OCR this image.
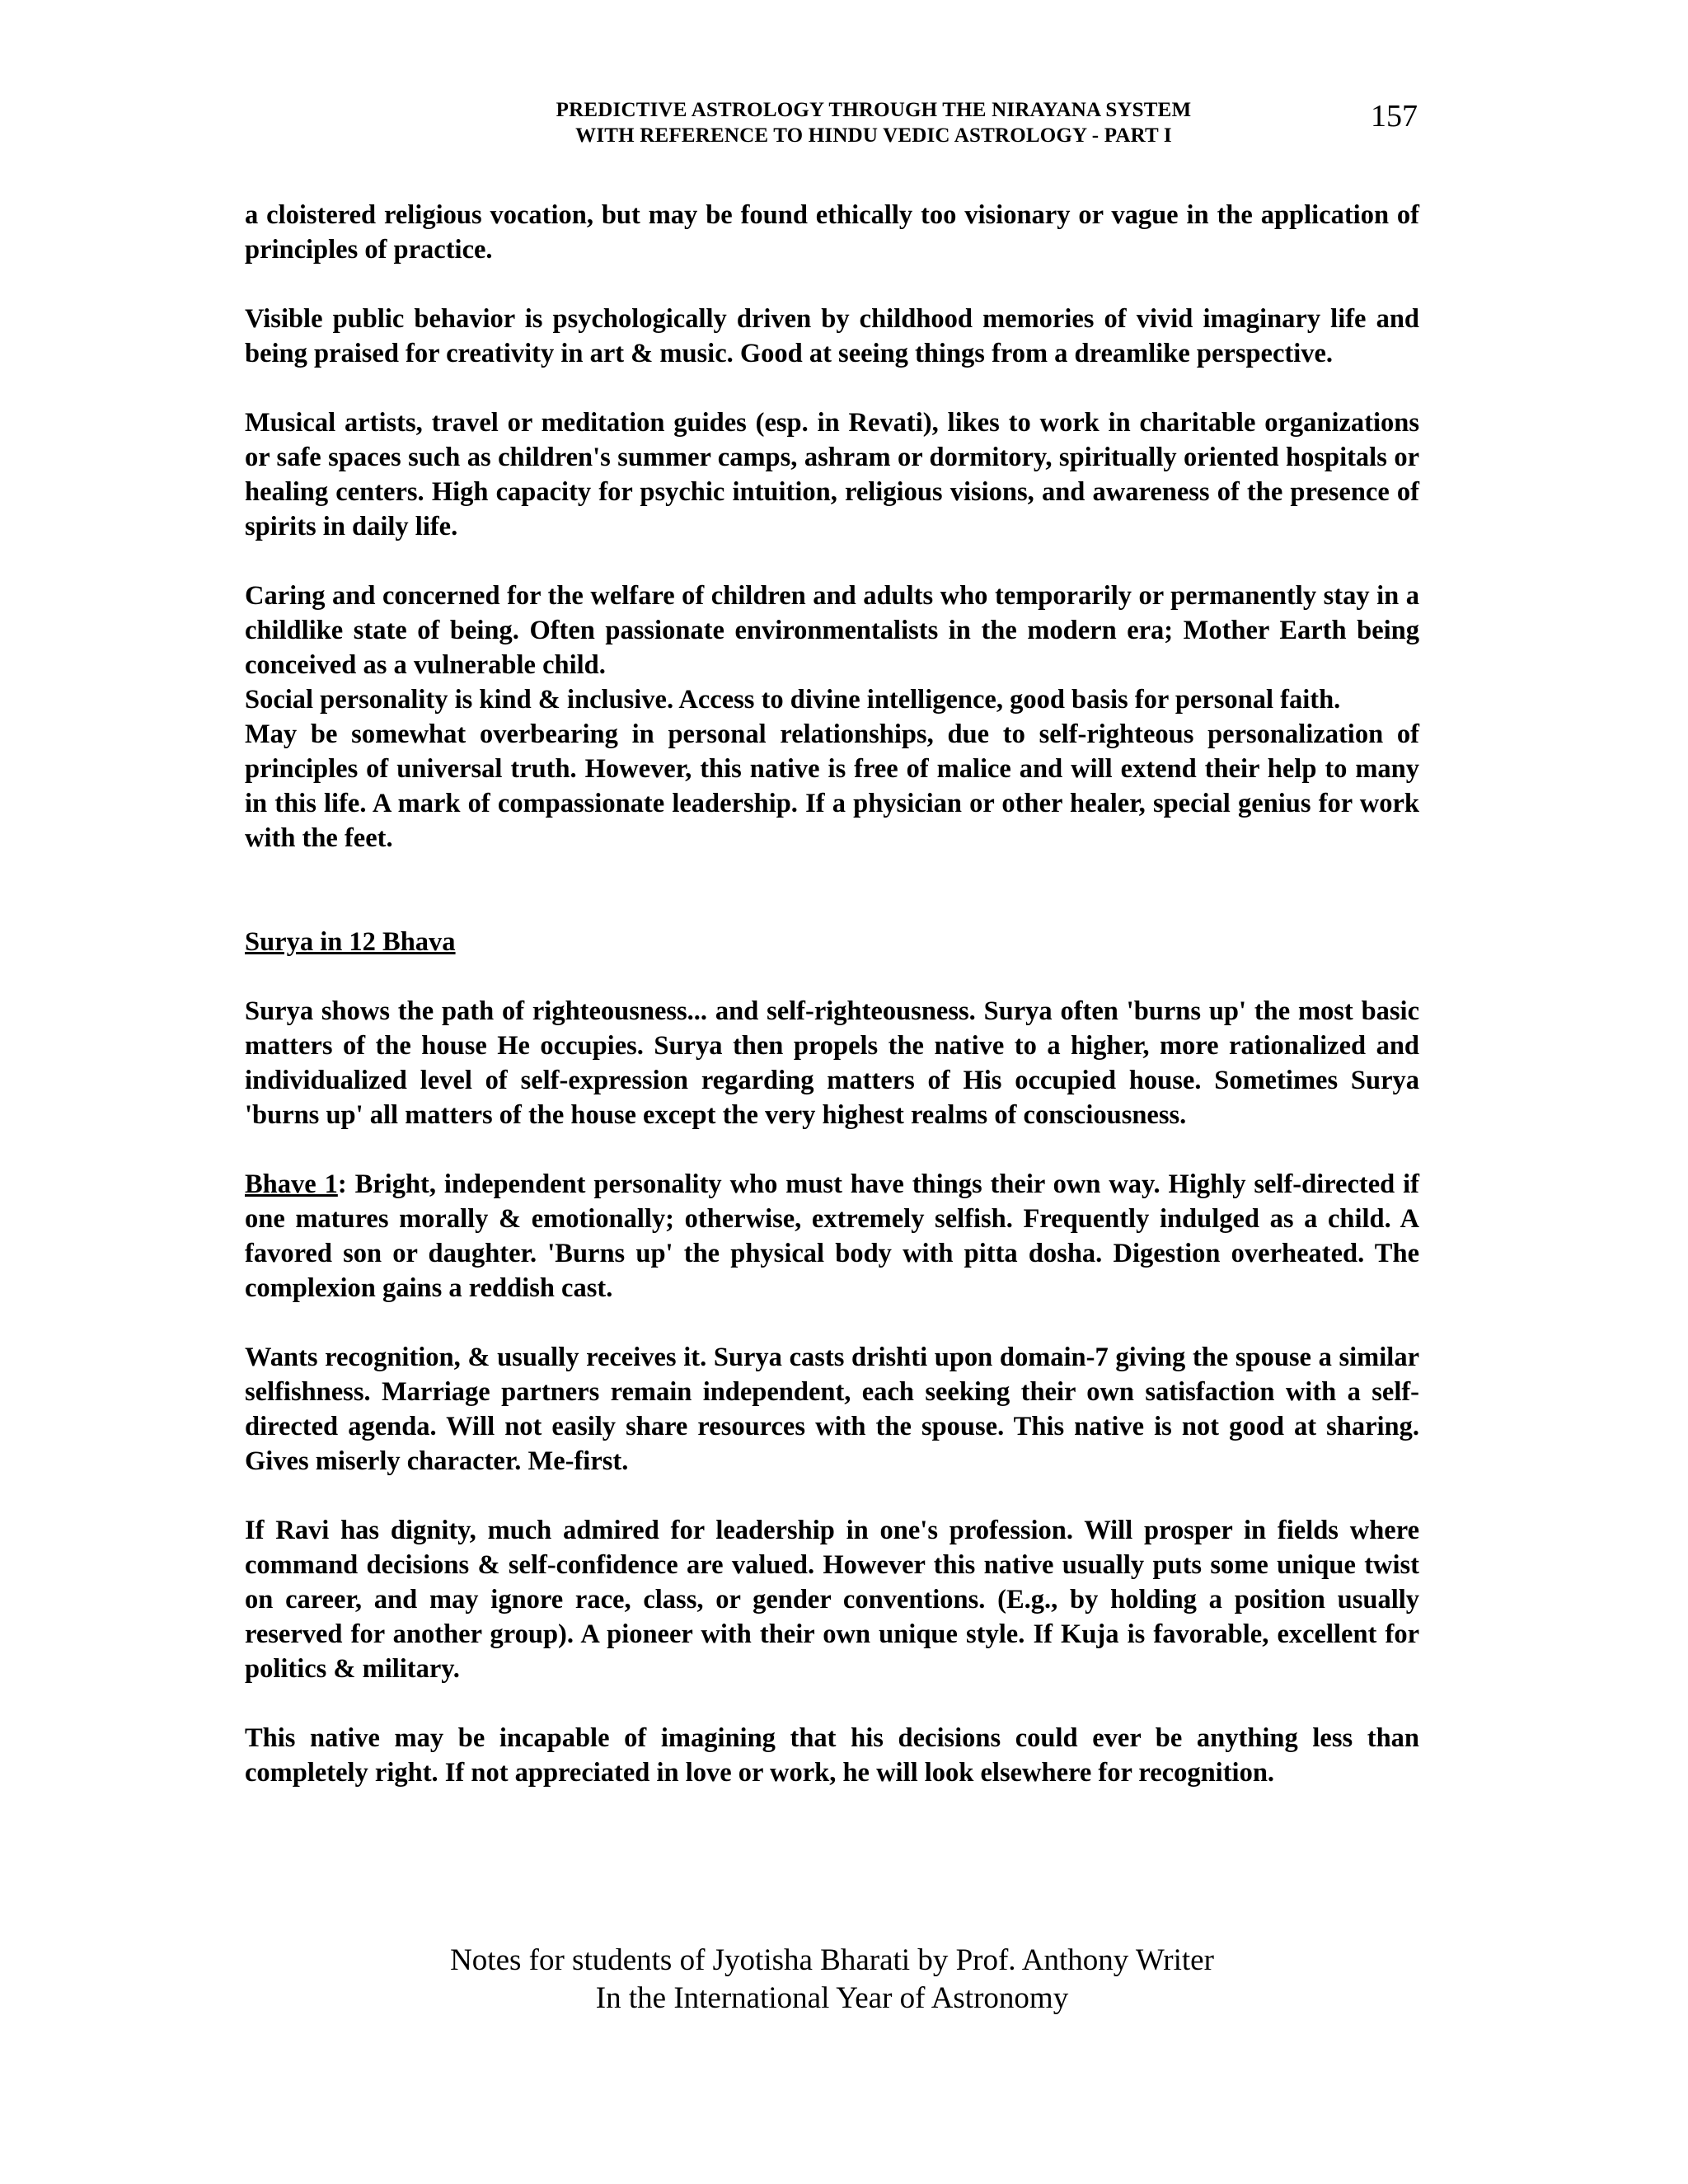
PREDICTIVE ASTROLOGY THROUGH THE NIRAYANA SYSTEM
WITH REFERENCE TO HINDU VEDIC ASTROLOGY - PART I
157

a cloistered religious vocation, but may be found ethically too visionary or vague in the application of principles of practice.

Visible public behavior is psychologically driven by childhood memories of vivid imaginary life and being praised for creativity in art & music. Good at seeing things from a dreamlike perspective.

Musical artists, travel or meditation guides (esp. in Revati), likes to work in charitable organizations or safe spaces such as children's summer camps, ashram or dormitory, spiritually oriented hospitals or healing centers. High capacity for psychic intuition, religious visions, and awareness of the presence of spirits in daily life.

Caring and concerned for the welfare of children and adults who temporarily or permanently stay in a childlike state of being. Often passionate environmentalists in the modern era; Mother Earth being conceived as a vulnerable child.

Social personality is kind & inclusive. Access to divine intelligence, good basis for personal faith.

May be somewhat overbearing in personal relationships, due to self-righteous personalization of principles of universal truth. However, this native is free of malice and will extend their help to many in this life. A mark of compassionate leadership. If a physician or other healer, special genius for work with the feet.

Surya in 12 Bhava

Surya shows the path of righteousness... and self-righteousness. Surya often 'burns up' the most basic matters of the house He occupies. Surya then propels the native to a higher, more rationalized and individualized level of self-expression regarding matters of His occupied house. Sometimes Surya 'burns up' all matters of the house except the very highest realms of consciousness.

Bhave 1: Bright, independent personality who must have things their own way. Highly self-directed if one matures morally & emotionally; otherwise, extremely selfish. Frequently indulged as a child. A favored son or daughter. 'Burns up' the physical body with pitta dosha. Digestion overheated. The complexion gains a reddish cast.

Wants recognition, & usually receives it. Surya casts drishti upon domain-7 giving the spouse a similar selfishness. Marriage partners remain independent, each seeking their own satisfaction with a self-directed agenda. Will not easily share resources with the spouse. This native is not good at sharing. Gives miserly character. Me-first.

If Ravi has dignity, much admired for leadership in one's profession. Will prosper in fields where command decisions & self-confidence are valued. However this native usually puts some unique twist on career, and may ignore race, class, or gender conventions. (E.g., by holding a position usually reserved for another group). A pioneer with their own unique style. If Kuja is favorable, excellent for politics & military.

This native may be incapable of imagining that his decisions could ever be anything less than completely right. If not appreciated in love or work, he will look elsewhere for recognition.

Notes for students of Jyotisha Bharati by Prof. Anthony Writer
In the International Year of Astronomy
